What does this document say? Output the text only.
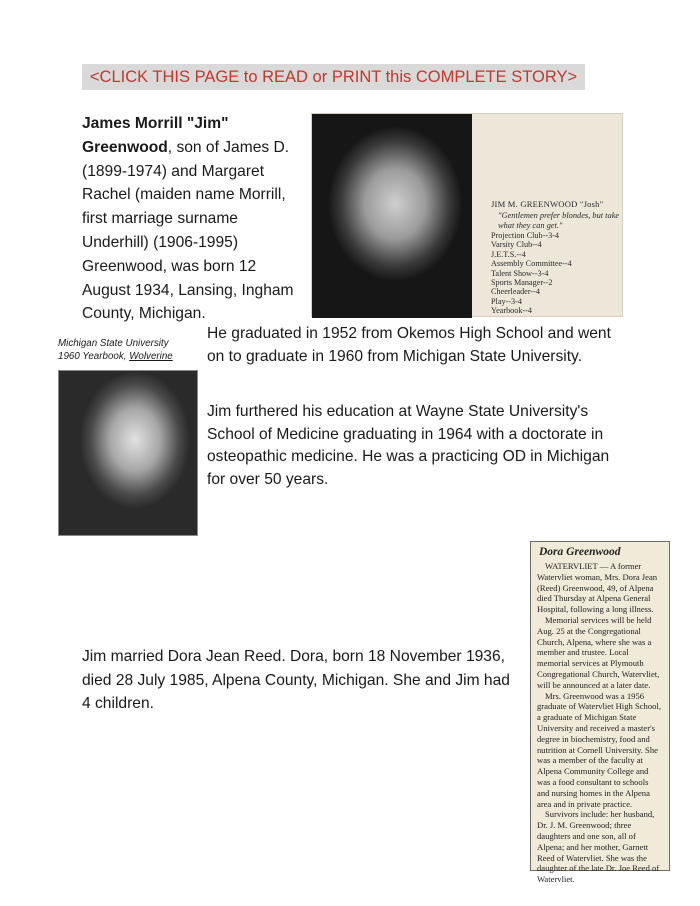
<CLICK THIS PAGE to READ or PRINT this COMPLETE STORY>

James Morrill "Jim" Greenwood, son of James D. (1899-1974) and Margaret Rachel (maiden name Morrill, first marriage surname Underhill) (1906-1995) Greenwood, was born 12 August 1934, Lansing, Ingham County, Michigan.

JIM M. GREENWOOD "Josh"
"Gentlemen prefer blondes, but take what they can get."
Projection Club--3-4
Varsity Club--4
J.E.T.S.--4
Assembly Committee--4
Talent Show--3-4
Sports Manager--2
Cheerleader--4
Play--3-4
Yearbook--4
Michigan State University
1960 Yearbook, Wolverine

He graduated in 1952 from Okemos High School and went on to graduate in 1960 from Michigan State University.

Jim furthered his education at Wayne State University's School of Medicine graduating in 1964 with a doctorate in osteopathic medicine. He was a practicing OD in Michigan for over 50 years.

Jim married Dora Jean Reed. Dora, born 18 November 1936, died 28 July 1985, Alpena County, Michigan. She and Jim had 4 children.

Dora Greenwood

WATERVLIET — A former Watervliet woman, Mrs. Dora Jean (Reed) Greenwood, 49, of Alpena died Thursday at Alpena General Hospital, following a long illness.

Memorial services will be held Aug. 25 at the Congregational Church, Alpena, where she was a member and trustee. Local memorial services at Plymouth Congregational Church, Watervliet, will be announced at a later date.

Mrs. Greenwood was a 1956 graduate of Watervliet High School, a graduate of Michigan State University and received a master's degree in biochemistry, food and nutrition at Cornell University. She was a member of the faculty at Alpena Community College and was a food consultant to schools and nursing homes in the Alpena area and in private practice.

Survivors include: her husband, Dr. J. M. Greenwood; three daughters and one son, all of Alpena; and her mother, Garnett Reed of Watervliet. She was the daughter of the late Dr. Joe Reed of Watervliet.
